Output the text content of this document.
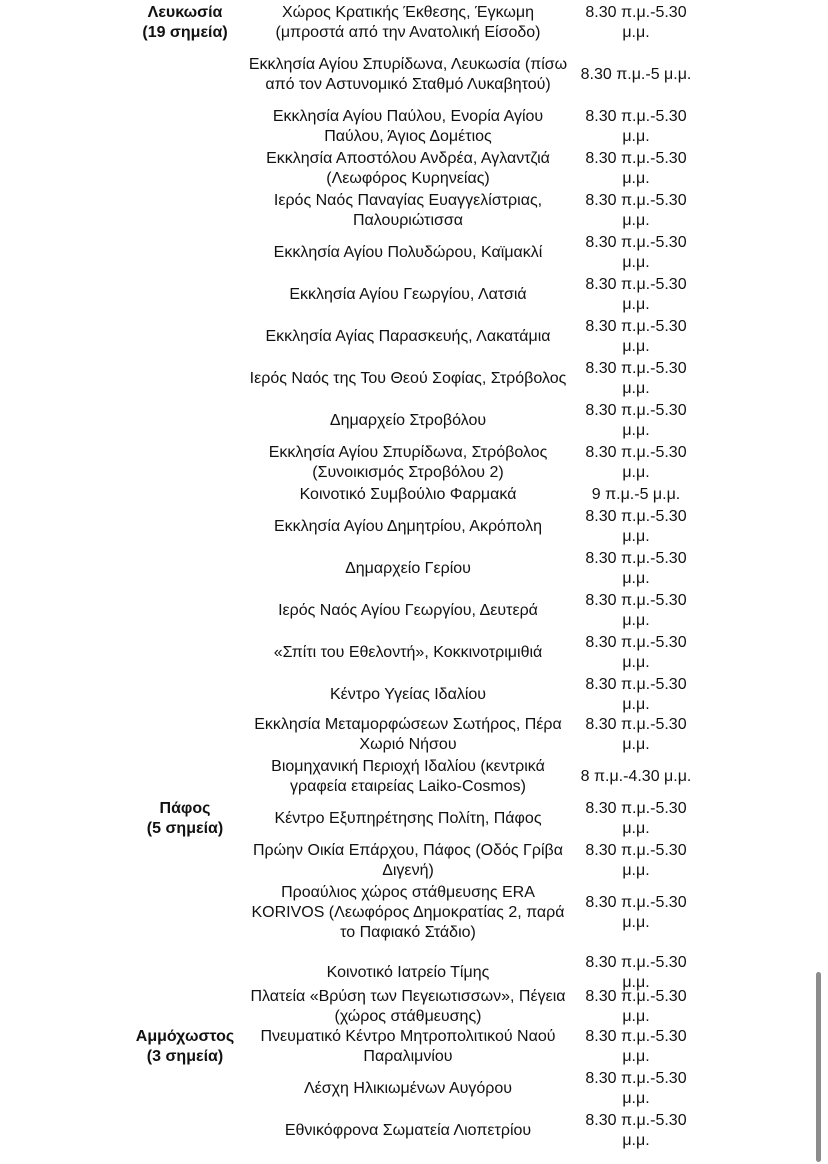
Χώρος Κρατικής Έκθεσης, Έγκωμη (μπροστά από την Ανατολική Είσοδο)
8.30 π.μ.-5.30 μ.μ.
Εκκλησία Αγίου Σπυρίδωνα, Λευκωσία (πίσω από τον Αστυνομικό Σταθμό Λυκαβητού)
8.30 π.μ.-5 μ.μ.
Εκκλησία Αγίου Παύλου, Ενορία Αγίου Παύλου, Άγιος Δομέτιος
8.30 π.μ.-5.30 μ.μ.
Εκκλησία Αποστόλου Ανδρέα, Αγλαντζιά (Λεωφόρος Κυρηνείας)
8.30 π.μ.-5.30 μ.μ.
Ιερός Ναός Παναγίας Ευαγγελίστριας, Παλουριώτισσα
8.30 π.μ.-5.30 μ.μ.
Εκκλησία Αγίου Πολυδώρου, Καϊμακλί
8.30 π.μ.-5.30 μ.μ.
Εκκλησία Αγίου Γεωργίου, Λατσιά
8.30 π.μ.-5.30 μ.μ.
Εκκλησία Αγίας Παρασκευής, Λακατάμια
8.30 π.μ.-5.30 μ.μ.
Ιερός Ναός της Του Θεού Σοφίας, Στρόβολος
8.30 π.μ.-5.30 μ.μ.
Δημαρχείο Στροβόλου
8.30 π.μ.-5.30 μ.μ.
Εκκλησία Αγίου Σπυρίδωνα, Στρόβολος (Συνοικισμός Στροβόλου 2)
8.30 π.μ.-5.30 μ.μ.
Κοινοτικό Συμβούλιο Φαρμακά	9 π.μ.-5 μ.μ.
Εκκλησία Αγίου Δημητρίου, Ακρόπολη
8.30 π.μ.-5.30 μ.μ.
Δημαρχείο Γερίου
8.30 π.μ.-5.30 μ.μ.
Ιερός Ναός Αγίου Γεωργίου, Δευτερά
8.30 π.μ.-5.30 μ.μ.
«Σπίτι του Εθελοντή», Κοκκινοτριμιθιά
8.30 π.μ.-5.30 μ.μ.
Κέντρο Υγείας Ιδαλίου
8.30 π.μ.-5.30 μ.μ.
Εκκλησία Μεταμορφώσεων Σωτήρος, Πέρα Χωριό Νήσου
8.30 π.μ.-5.30 μ.μ.
Βιομηχανική Περιοχή Ιδαλίου (κεντρικά γραφεία εταιρείας Laiko-Cosmos)
8 π.μ.-4.30 μ.μ.
Κέντρο Εξυπηρέτησης Πολίτη, Πάφος
8.30 π.μ.-5.30 μ.μ.
Πρώην Οικία Επάρχου, Πάφος (Οδός Γρίβα Διγενή)
8.30 π.μ.-5.30 μ.μ.
Προαύλιος χώρος στάθμευσης ERA KORIVOS (Λεωφόρος Δημοκρατίας 2, παρά το Παφιακό Στάδιο)
8.30 π.μ.-5.30 μ.μ.
Κοινοτικό Ιατρείο Τίμης
8.30 π.μ.-5.30 μ.μ.
Πλατεία «Βρύση των Πεγειωτισσων», Πέγεια (χώρος στάθμευσης)
8.30 π.μ.-5.30 μ.μ.
Πνευματικό Κέντρο Μητροπολιτικού Ναού Παραλιμνίου
8.30 π.μ.-5.30 μ.μ.
Λέσχη Ηλικιωμένων Αυγόρου
8.30 π.μ.-5.30 μ.μ.
Εθνικόφρονα Σωματεία Λιοπετρίου
8.30 π.μ.-5.30 μ.μ.
Λευκωσία
(19 σημεία)
Πάφος
(5 σημεία)
Αμμόχωστος
(3 σημεία)
